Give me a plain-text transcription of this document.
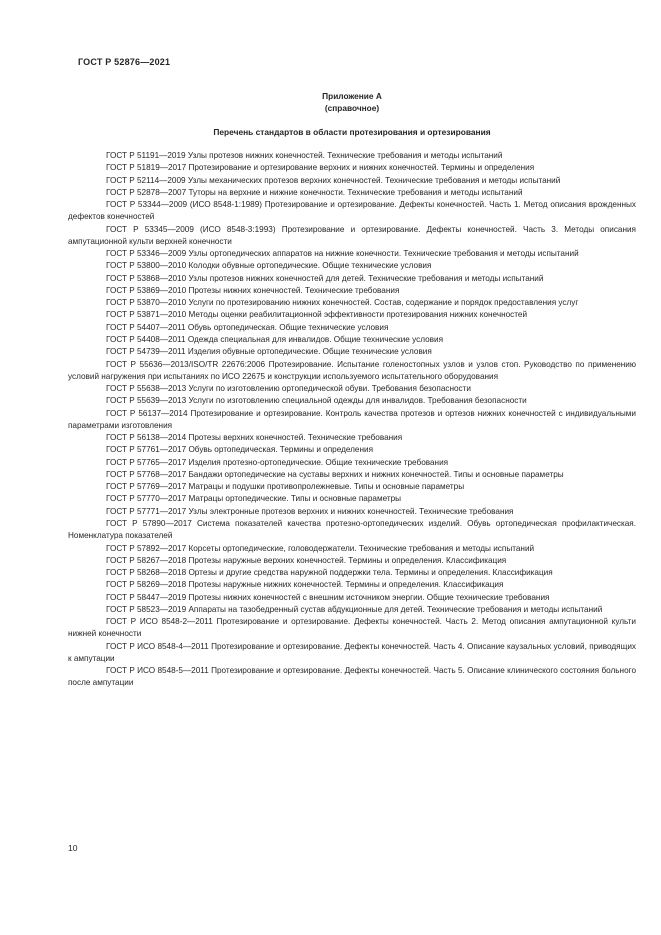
ГОСТ Р 52876—2021
Приложение А
(справочное)
Перечень стандартов в области протезирования и ортезирования

ГОСТ Р 51191—2019 Узлы протезов нижних конечностей. Технические требования и методы испытаний

ГОСТ Р 51819—2017 Протезирование и ортезирование верхних и нижних конечностей. Термины и определения

ГОСТ Р 52114—2009 Узлы механических протезов верхних конечностей. Технические требования и методы испытаний

ГОСТ Р 52878—2007 Туторы на верхние и нижние конечности. Технические требования и методы испытаний

ГОСТ Р 53344—2009 (ИСО 8548-1:1989) Протезирование и ортезирование. Дефекты конечностей. Часть 1. Метод описания врожденных дефектов конечностей

ГОСТ Р 53345—2009 (ИСО 8548-3:1993) Протезирование и ортезирование. Дефекты конечностей. Часть 3. Методы описания ампутационной культи верхней конечности

ГОСТ Р 53346—2009 Узлы ортопедических аппаратов на нижние конечности. Технические требования и методы испытаний

ГОСТ Р 53800—2010 Колодки обувные ортопедические. Общие технические условия

ГОСТ Р 53868—2010 Узлы протезов нижних конечностей для детей. Технические требования и методы испытаний

ГОСТ Р 53869—2010 Протезы нижних конечностей. Технические требования

ГОСТ Р 53870—2010 Услуги по протезированию нижних конечностей. Состав, содержание и порядок предоставления услуг

ГОСТ Р 53871—2010 Методы оценки реабилитационной эффективности протезирования нижних конечностей

ГОСТ Р 54407—2011 Обувь ортопедическая. Общие технические условия

ГОСТ Р 54408—2011 Одежда специальная для инвалидов. Общие технические условия

ГОСТ Р 54739—2011 Изделия обувные ортопедические. Общие технические условия

ГОСТ Р 55636—2013/ISO/TR 22676:2006 Протезирование. Испытание голеностопных узлов и узлов стоп. Руководство по применению условий нагружения при испытаниях по ИСО 22675 и конструкции используемого испытательного оборудования

ГОСТ Р 55638—2013 Услуги по изготовлению ортопедической обуви. Требования безопасности

ГОСТ Р 55639—2013 Услуги по изготовлению специальной одежды для инвалидов. Требования безопасности

ГОСТ Р 56137—2014 Протезирование и ортезирование. Контроль качества протезов и ортезов нижних конечностей с индивидуальными параметрами изготовления

ГОСТ Р 56138—2014 Протезы верхних конечностей. Технические требования

ГОСТ Р 57761—2017 Обувь ортопедическая. Термины и определения

ГОСТ Р 57765—2017 Изделия протезно-ортопедические. Общие технические требования

ГОСТ Р 57768—2017 Бандажи ортопедические на суставы верхних и нижних конечностей. Типы и основные параметры

ГОСТ Р 57769—2017 Матрацы и подушки противопролежневые. Типы и основные параметры

ГОСТ Р 57770—2017 Матрацы ортопедические. Типы и основные параметры

ГОСТ Р 57771—2017 Узлы электронные протезов верхних и нижних конечностей. Технические требования

ГОСТ Р 57890—2017 Система показателей качества протезно-ортопедических изделий. Обувь ортопедическая профилактическая. Номенклатура показателей

ГОСТ Р 57892—2017 Корсеты ортопедические, головодержатели. Технические требования и методы испытаний

ГОСТ Р 58267—2018 Протезы наружные верхних конечностей. Термины и определения. Классификация

ГОСТ Р 58268—2018 Ортезы и другие средства наружной поддержки тела. Термины и определения. Классификация

ГОСТ Р 58269—2018 Протезы наружные нижних конечностей. Термины и определения. Классификация

ГОСТ Р 58447—2019 Протезы нижних конечностей с внешним источником энергии. Общие технические требования

ГОСТ Р 58523—2019 Аппараты на тазобедренный сустав абдукционные для детей. Технические требования и методы испытаний

ГОСТ Р ИСО 8548-2—2011 Протезирование и ортезирование. Дефекты конечностей. Часть 2. Метод описания ампутационной культи нижней конечности

ГОСТ Р ИСО 8548-4—2011 Протезирование и ортезирование. Дефекты конечностей. Часть 4. Описание каузальных условий, приводящих к ампутации

ГОСТ Р ИСО 8548-5—2011 Протезирование и ортезирование. Дефекты конечностей. Часть 5. Описание клинического состояния больного после ампутации

10
